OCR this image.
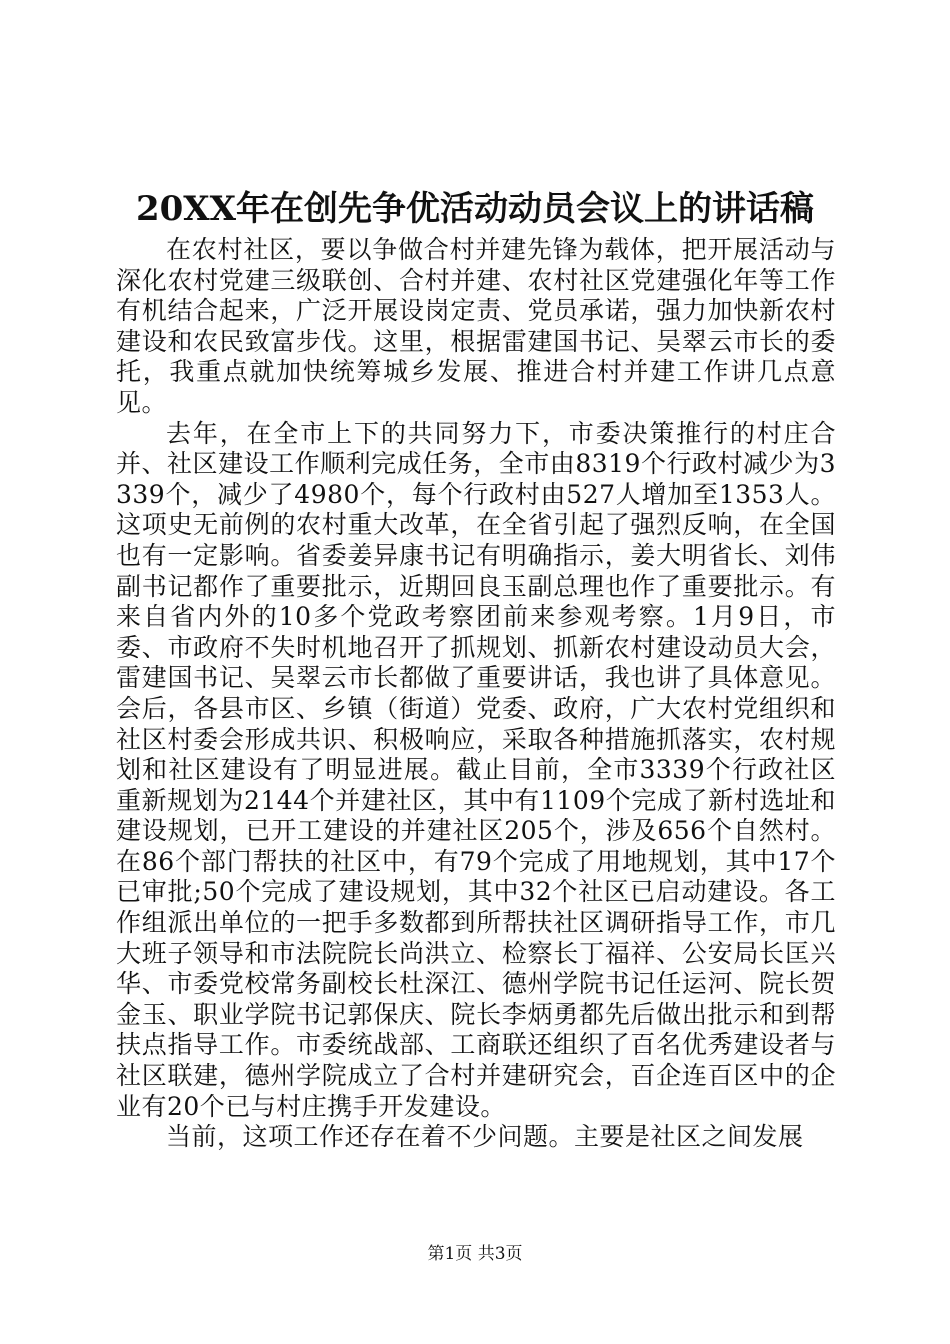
20XX年在创先争优活动动员会议上的讲话稿

在农村社区，要以争做合村并建先锋为载体，把开展活动与深化农村党建三级联创、合村并建、农村社区党建强化年等工作有机结合起来，广泛开展设岗定责、党员承诺，强力加快新农村建设和农民致富步伐。这里，根据雷建国书记、吴翠云市长的委托，我重点就加快统筹城乡发展、推进合村并建工作讲几点意见。

去年，在全市上下的共同努力下，市委决策推行的村庄合并、社区建设工作顺利完成任务，全市由8319个行政村减少为3339个，减少了4980个，每个行政村由527人增加至1353人。这项史无前例的农村重大改革，在全省引起了强烈反响，在全国也有一定影响。省委姜异康书记有明确指示，姜大明省长、刘伟副书记都作了重要批示，近期回良玉副总理也作了重要批示。有来自省内外的10多个党政考察团前来参观考察。1月9日，市委、市政府不失时机地召开了抓规划、抓新农村建设动员大会，雷建国书记、吴翠云市长都做了重要讲话，我也讲了具体意见。会后，各县市区、乡镇（街道）党委、政府，广大农村党组织和社区村委会形成共识、积极响应，采取各种措施抓落实，农村规划和社区建设有了明显进展。截止目前，全市3339个行政社区重新规划为2144个并建社区，其中有1109个完成了新村选址和建设规划，已开工建设的并建社区205个，涉及656个自然村。在86个部门帮扶的社区中，有79个完成了用地规划，其中17个已审批;50个完成了建设规划，其中32个社区已启动建设。各工作组派出单位的一把手多数都到所帮扶社区调研指导工作，市几大班子领导和市法院院长尚洪立、检察长丁福祥、公安局长匡兴华、市委党校常务副校长杜深江、德州学院书记任运河、院长贺金玉、职业学院书记郭保庆、院长李炳勇都先后做出批示和到帮扶点指导工作。市委统战部、工商联还组织了百名优秀建设者与社区联建，德州学院成立了合村并建研究会，百企连百区中的企业有20个已与村庄携手开发建设。

当前，这项工作还存在着不少问题。主要是社区之间发展

第1页 共3页
